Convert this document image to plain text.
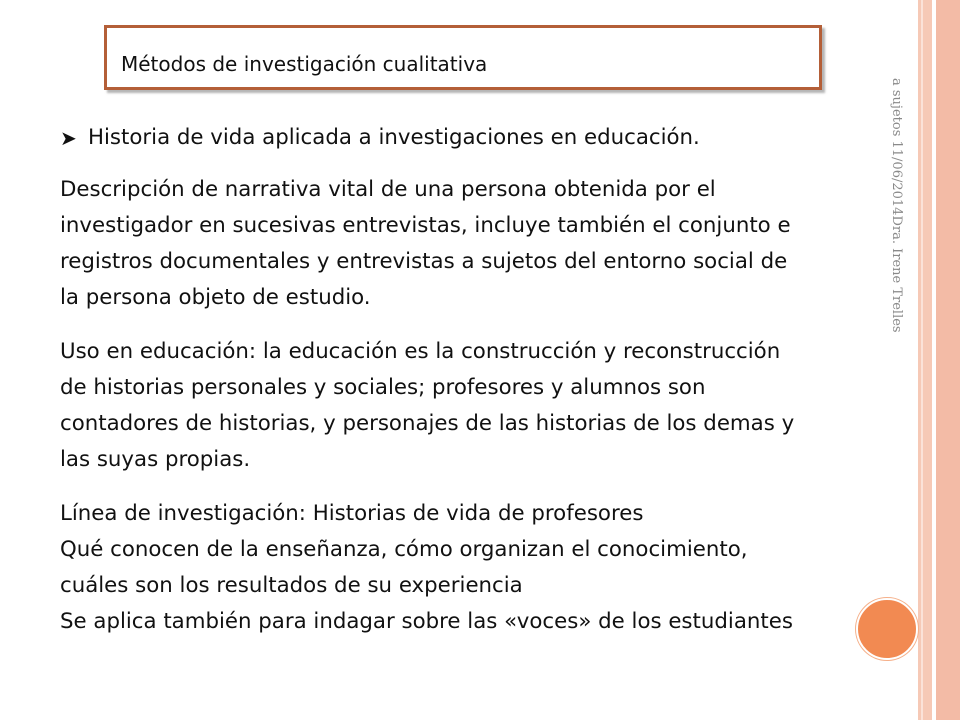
Métodos de investigación cualitativa
➤ Historia de vida aplicada a investigaciones en educación.

Descripción de narrativa vital de una persona obtenida por el
investigador en sucesivas entrevistas, incluye también el conjunto e
registros documentales y entrevistas a sujetos del entorno social de
la persona objeto de estudio.

Uso en educación: la educación es la construcción y reconstrucción
de historias personales y sociales; profesores y alumnos son
contadores de historias, y personajes de las historias de los demas y
las suyas propias.

Línea de investigación: Historias de vida de profesores
Qué conocen de la enseñanza, cómo organizan el conocimiento,
cuáles son los resultados de su experiencia
Se aplica también para indagar sobre las «voces» de los estudiantes

a sujetos 11/06/2014Dra. Irene Trelles
